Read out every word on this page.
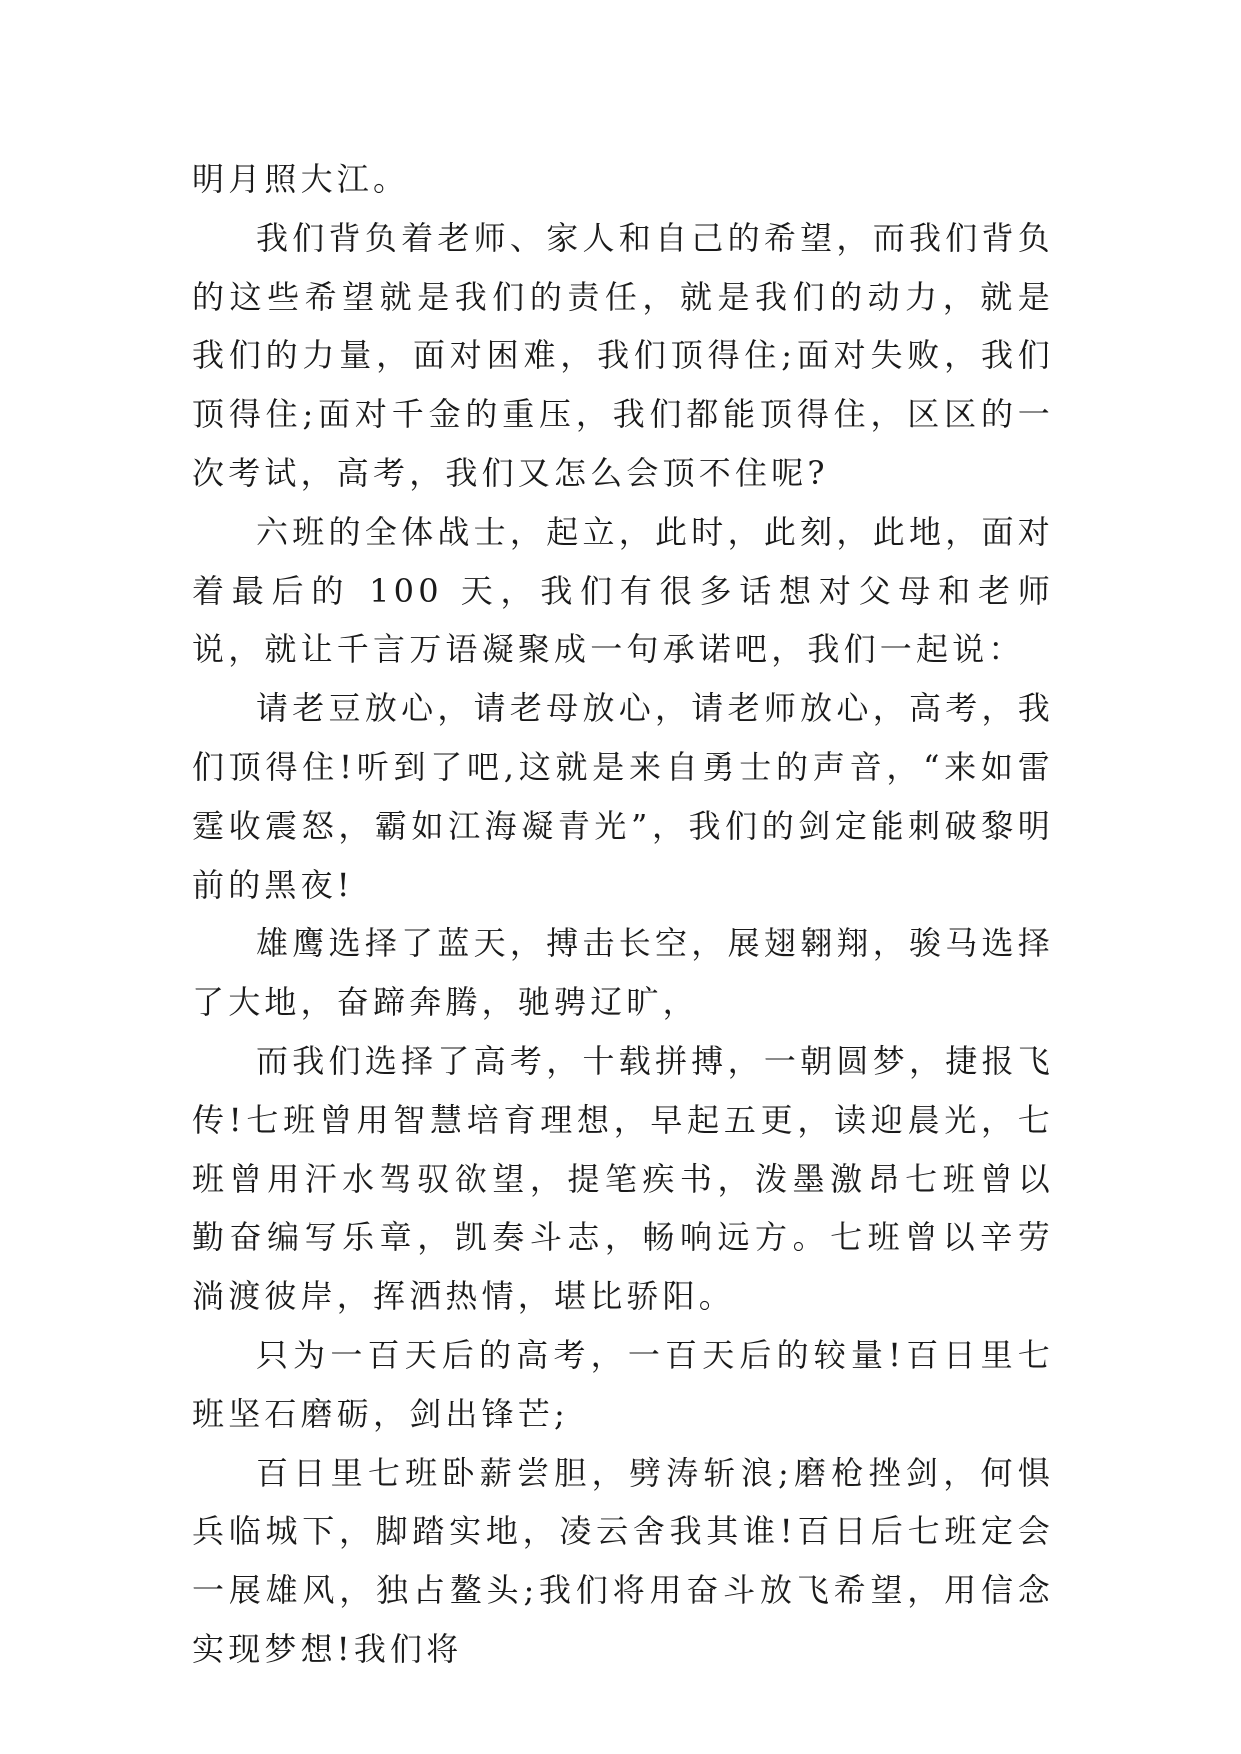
明月照大江。

我们背负着老师、家人和自己的希望，而我们背负的这些希望就是我们的责任，就是我们的动力，就是我们的力量，面对困难，我们顶得住;面对失败，我们顶得住;面对千金的重压，我们都能顶得住，区区的一次考试，高考，我们又怎么会顶不住呢?

六班的全体战士，起立，此时，此刻，此地，面对着最后的 100 天，我们有很多话想对父母和老师说，就让千言万语凝聚成一句承诺吧，我们一起说：

请老豆放心，请老母放心，请老师放心，高考，我们顶得住!听到了吧,这就是来自勇士的声音，“来如雷霆收震怒，霸如江海凝青光”，我们的剑定能刺破黎明前的黑夜!

雄鹰选择了蓝天，搏击长空，展翅翱翔，骏马选择了大地，奋蹄奔腾，驰骋辽旷，

而我们选择了高考，十载拼搏，一朝圆梦，捷报飞传!七班曾用智慧培育理想，早起五更，读迎晨光，七班曾用汗水驾驭欲望，提笔疾书，泼墨激昂七班曾以勤奋编写乐章，凯奏斗志，畅响远方。七班曾以辛劳淌渡彼岸，挥洒热情，堪比骄阳。

只为一百天后的高考，一百天后的较量!百日里七班坚石磨砺，剑出锋芒;

百日里七班卧薪尝胆，劈涛斩浪;磨枪挫剑，何惧兵临城下，脚踏实地，凌云舍我其谁!百日后七班定会一展雄风，独占鳌头;我们将用奋斗放飞希望，用信念实现梦想!我们将
